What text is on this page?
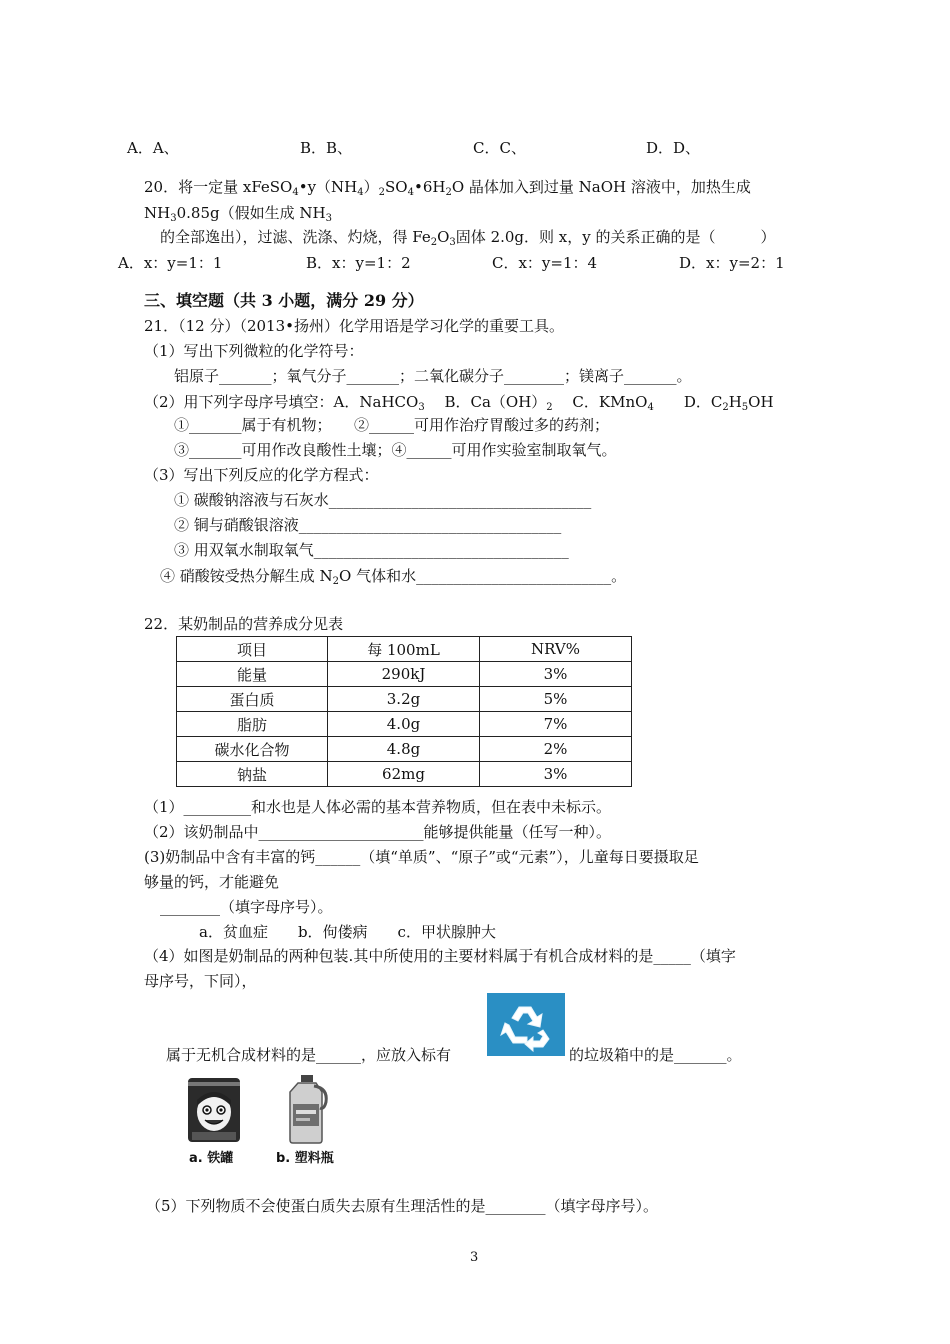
A．A、	B．B、	C．C、	D．D、
20．将一定量 $xFeSO_4•y(NH_4)_2SO_4•6H_2O$ 晶体加入到过量 NaOH 溶液中，加热生成
$NH_30.85g$（假如生成 $NH_3$
的全部逸出），过滤、洗涤、灼烧，得 $Fe_2O_3$固体 2.0g．则 x，y 的关系正确的是（　　　）
A．x：y=1：1	B．x：y=1：2	C．x：y=1：4	D．x：y=2：1
三、填空题（共 3 小题，满分 29 分）
21．（12 分）（2013•扬州）化学用语是学习化学的重要工具。
（1）写出下列微粒的化学符号：
铝原子_______；氧气分子_______；二氧化碳分子________；镁离子_______。
（2）用下列字母序号填空：A．NaHCO$_3$　 B．$Ca(OH)_2$　 C．KMnO$_4$　　D．$C_2H_5OH$
①_______属于有机物；　　②______可用作治疗胃酸过多的药剂；
③_______可用作改良酸性土壤；④______可用作实验室制取氧气。
（3）写出下列反应的化学方程式：
① 碳酸钠溶液与石灰水___________________________________
② 铜与硝酸银溶液___________________________________
③ 用双氧水制取氧气__________________________________
④ 硝酸铵受热分解生成 $N_2O$ 气体和水__________________________。
22．某奶制品的营养成分见表
项目	每 100mL	NRV%
能量	290kJ	3%
蛋白质	3.2g	5%
脂肪	4.0g	7%
碳水化合物	4.8g	2%
钠盐	62mg	3%
（1）_________和水也是人体必需的基本营养物质，但在表中未标示。
（2）该奶制品中______________________能够提供能量（任写一种）。
(3)奶制品中含有丰富的钙______（填“单质”、“原子”或“元素”），儿童每日要摄取足
够量的钙，才能避免
________（填字母序号）。
a．贫血症　　b．佝偻病　　c．甲状腺肿大
（4）如图是奶制品的两种包装.其中所使用的主要材料属于有机合成材料的是_____（填字
母序号，下同），
属于无机合成材料的是______，应放入标有	的垃圾箱中的是_______。
a. 铁罐	b. 塑料瓶
（5）下列物质不会使蛋白质失去原有生理活性的是________（填字母序号）。
3
